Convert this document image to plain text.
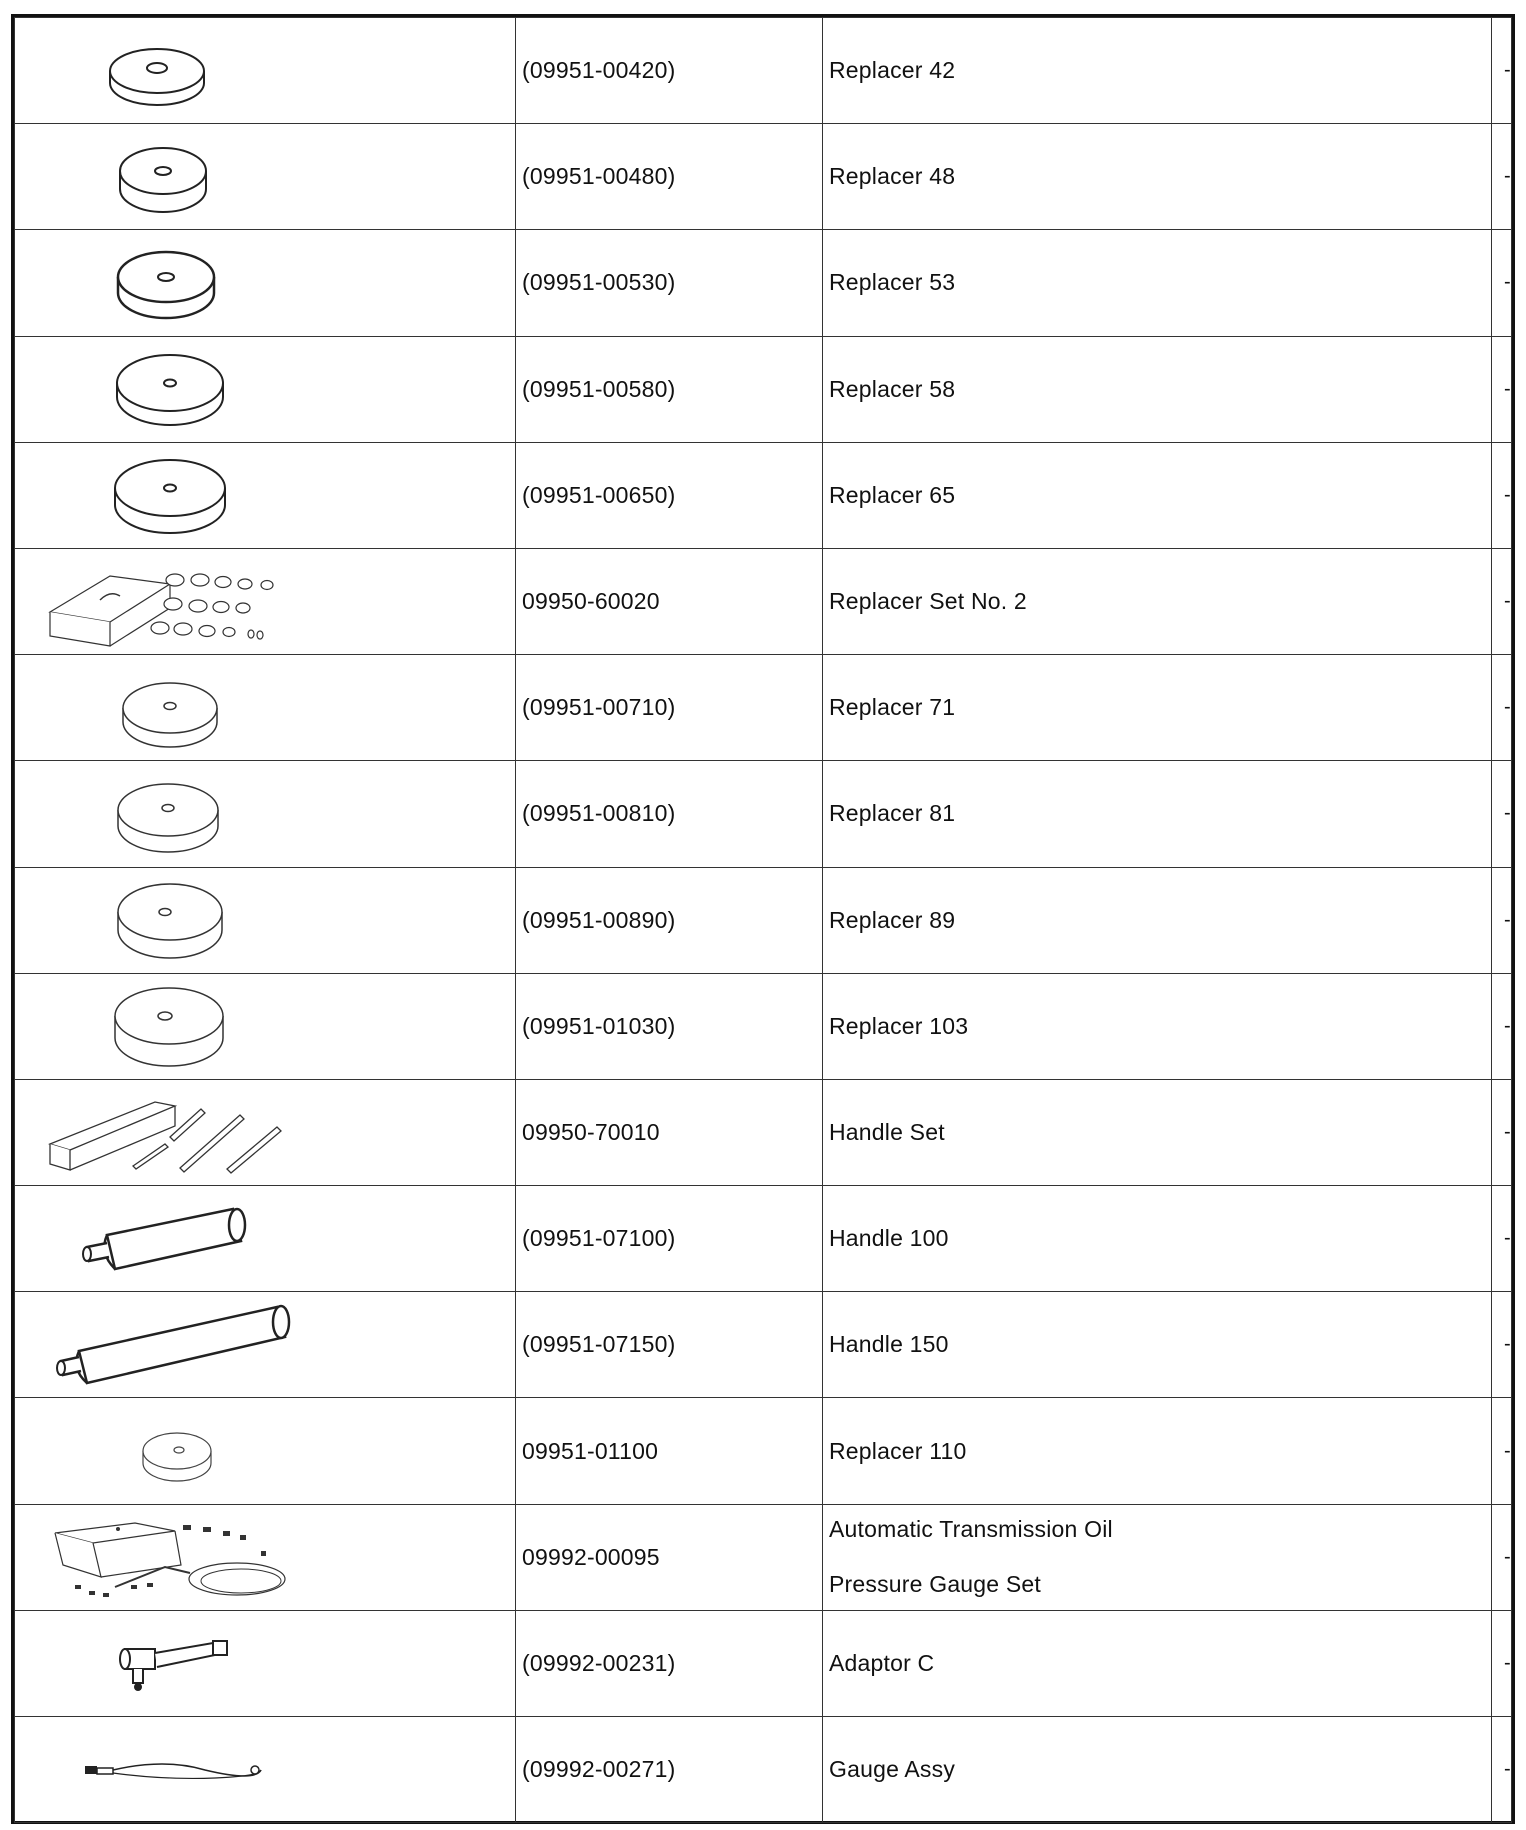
	(09951-00420)	Replacer 42	-

	(09951-00480)	Replacer 48	-

	(09951-00530)	Replacer 53	-

	(09951-00580)	Replacer 58	-

	(09951-00650)	Replacer 65	-

	09950-60020	Replacer Set No. 2	-

	(09951-00710)	Replacer 71	-

	(09951-00810)	Replacer 81	-

	(09951-00890)	Replacer 89	-

	(09951-01030)	Replacer 103	-

	09950-70010	Handle Set	-

	(09951-07100)	Handle 100	-

	(09951-07150)	Handle 150	-

	09951-01100	Replacer 110	-

	09992-00095	Automatic Transmission Oil
Pressure Gauge Set	-

	(09992-00231)	Adaptor C	-

	(09992-00271)	Gauge Assy	-
